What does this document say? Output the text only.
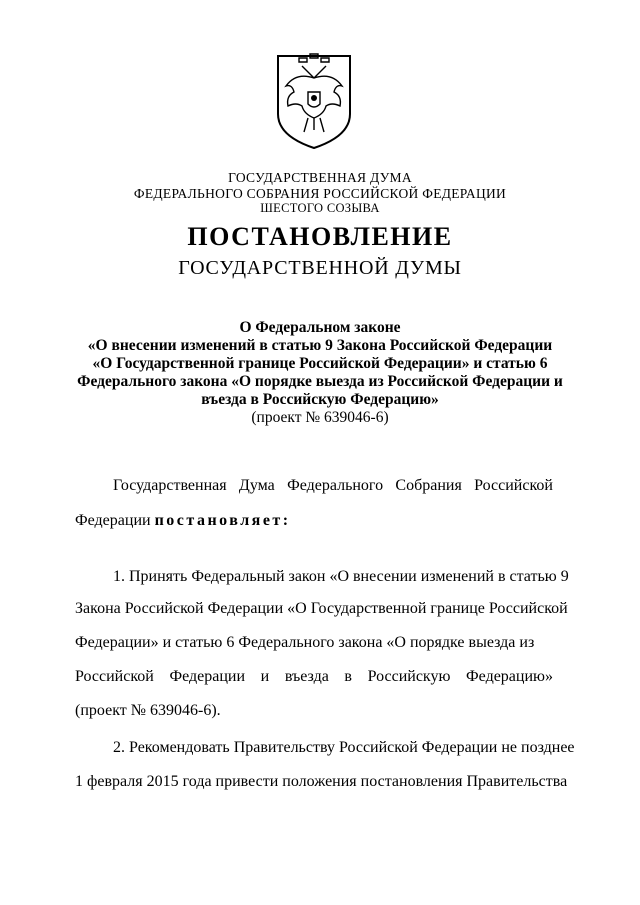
ГОСУДАРСТВЕННАЯ ДУМА
ФЕДЕРАЛЬНОГО СОБРАНИЯ РОССИЙСКОЙ ФЕДЕРАЦИИ
ШЕСТОГО СОЗЫВА
ПОСТАНОВЛЕНИЕ
ГОСУДАРСТВЕННОЙ ДУМЫ
О Федеральном законе
«О внесении изменений в статью 9 Закона Российской Федерации
«О Государственной границе Российской Федерации» и статью 6
Федерального закона «О порядке выезда из Российской Федерации и
въезда в Российскую Федерацию»
(проект № 639046-6)
Государственная Дума Федерального Собрания Российской
Федерации постановляет:
1. Принять Федеральный закон «О внесении изменений в статью 9
Закона Российской Федерации «О Государственной границе Российской
Федерации» и статью 6 Федерального закона «О порядке выезда из
Российской Федерации и въезда в Российскую Федерацию»
(проект № 639046-6).
2. Рекомендовать Правительству Российской Федерации не позднее
1 февраля 2015 года привести положения постановления Правительства
